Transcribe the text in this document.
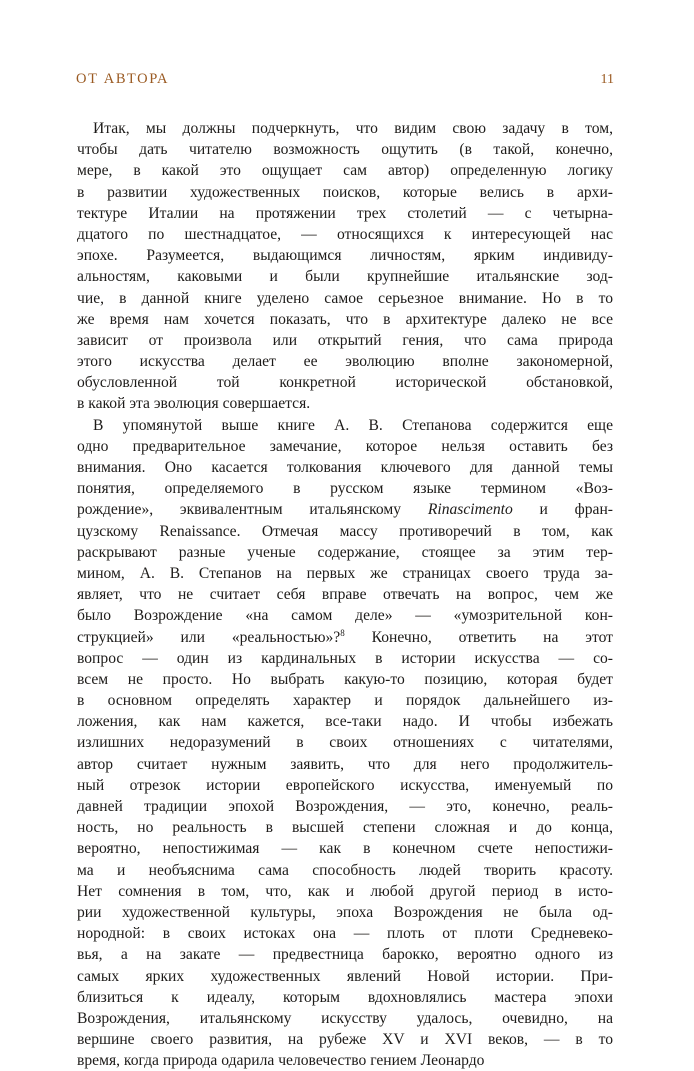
ОТ АВТОРА	11
Итак, мы должны подчеркнуть, что видим свою задачу в том,
чтобы дать читателю возможность ощутить (в такой, конечно,
мере, в какой это ощущает сам автор) определенную логику
в развитии художественных поисков, которые велись в архи-
тектуре Италии на протяжении трех столетий — с четырна-
дцатого по шестнадцатое, — относящихся к интересующей нас
эпохе. Разумеется, выдающимся личностям, ярким индивиду-
альностям, каковыми и были крупнейшие итальянские зод-
чие, в данной книге уделено самое серьезное внимание. Но в то
же время нам хочется показать, что в архитектуре далеко не все
зависит от произвола или открытий гения, что сама природа
этого искусства делает ее эволюцию вполне закономерной,
обусловленной той конкретной исторической обстановкой,
в какой эта эволюция совершается.
В упомянутой выше книге А. В. Степанова содержится еще
одно предварительное замечание, которое нельзя оставить без
внимания. Оно касается толкования ключевого для данной темы
понятия, определяемого в русском языке термином «Воз-
рождение», эквивалентным итальянскому Rinascimento и фран-
цузскому Renaissance. Отмечая массу противоречий в том, как
раскрывают разные ученые содержание, стоящее за этим тер-
мином, А. В. Степанов на первых же страницах своего труда за-
являет, что не считает себя вправе отвечать на вопрос, чем же
было Возрождение «на самом деле» — «умозрительной кон-
струкцией» или «реальностью»?$^8$ Конечно, ответить на этот
вопрос — один из кардинальных в истории искусства — со-
всем не просто. Но выбрать какую-то позицию, которая будет
в основном определять характер и порядок дальнейшего из-
ложения, как нам кажется, все-таки надо. И чтобы избежать
излишних недоразумений в своих отношениях с читателями,
автор считает нужным заявить, что для него продолжитель-
ный отрезок истории европейского искусства, именуемый по
давней традиции эпохой Возрождения, — это, конечно, реаль-
ность, но реальность в высшей степени сложная и до конца,
вероятно, непостижимая — как в конечном счете непостижи-
ма и необъяснима сама способность людей творить красоту.
Нет сомнения в том, что, как и любой другой период в исто-
рии художественной культуры, эпоха Возрождения не была од-
нородной: в своих истоках она — плоть от плоти Средневеко-
вья, а на закате — предвестница барокко, вероятно одного из
самых ярких художественных явлений Новой истории. При-
близиться к идеалу, которым вдохновлялись мастера эпохи
Возрождения, итальянскому искусству удалось, очевидно, на
вершине своего развития, на рубеже XV и XVI веков, — в то
время, когда природа одарила человечество гением Леонардо
